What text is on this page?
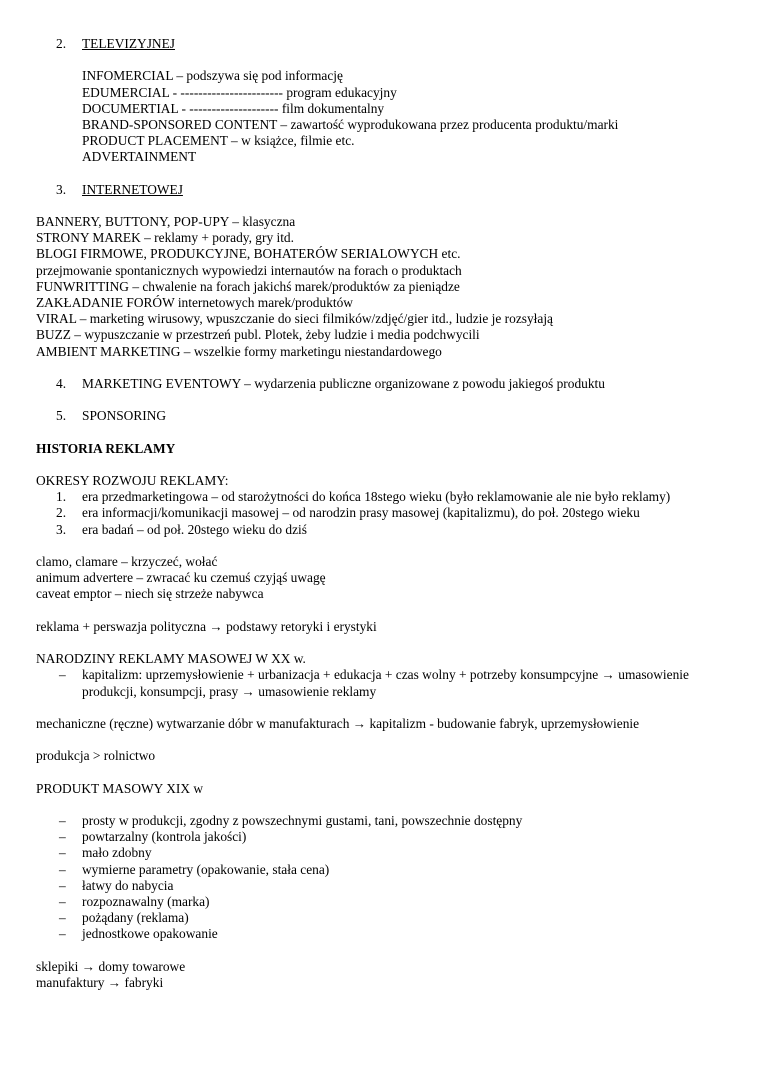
2.	TELEVIZYJNEJ
INFOMERCIAL – podszywa się pod informację
EDUMERCIAL - ----------------------- program edukacyjny
DOCUMERTIAL - -------------------- film dokumentalny
BRAND-SPONSORED CONTENT – zawartość wyprodukowana przez producenta produktu/marki
PRODUCT PLACEMENT – w książce, filmie etc.
ADVERTAINMENT
3.	INTERNETOWEJ
BANNERY, BUTTONY, POP-UPY – klasyczna
STRONY MAREK – reklamy + porady, gry itd.
BLOGI FIRMOWE, PRODUKCYJNE, BOHATERÓW SERIALOWYCH etc.
przejmowanie spontanicznych wypowiedzi internautów na forach o produktach
FUNWRITTING – chwalenie na forach jakichś marek/produktów za pieniądze
ZAKŁADANIE FORÓW internetowych marek/produktów
VIRAL – marketing wirusowy, wpuszczanie do sieci filmików/zdjęć/gier itd., ludzie je rozsyłają
BUZZ – wypuszczanie w przestrzeń publ. Plotek, żeby ludzie i media podchwycili
AMBIENT MARKETING – wszelkie formy marketingu niestandardowego
4.	MARKETING EVENTOWY – wydarzenia publiczne organizowane z powodu jakiegoś produktu
5.	SPONSORING
HISTORIA REKLAMY
OKRESY ROZWOJU REKLAMY:
1.	era przedmarketingowa – od starożytności do końca 18stego wieku (było reklamowanie ale nie było reklamy)
2.	era informacji/komunikacji masowej – od narodzin prasy masowej (kapitalizmu), do poł. 20stego wieku
3.	era badań – od poł. 20stego wieku do dziś
clamo, clamare – krzyczeć, wołać
animum advertere – zwracać ku czemuś czyjąś uwagę
caveat emptor – niech się strzeże nabywca
reklama + perswazja polityczna → podstawy retoryki i erystyki
NARODZINY REKLAMY MASOWEJ W XX w.
–	kapitalizm: uprzemysłowienie + urbanizacja + edukacja + czas wolny + potrzeby konsumpcyjne → umasowienie produkcji, konsumpcji, prasy → umasowienie reklamy
mechaniczne (ręczne) wytwarzanie dóbr w manufakturach → kapitalizm - budowanie fabryk, uprzemysłowienie
produkcja > rolnictwo
PRODUKT MASOWY XIX w
–	prosty w produkcji, zgodny z powszechnymi gustami, tani, powszechnie dostępny
–	powtarzalny (kontrola jakości)
–	mało zdobny
–	wymierne parametry (opakowanie, stała cena)
–	łatwy do nabycia
–	rozpoznawalny (marka)
–	pożądany (reklama)
–	jednostkowe opakowanie
sklepiki → domy towarowe
manufaktury → fabryki
